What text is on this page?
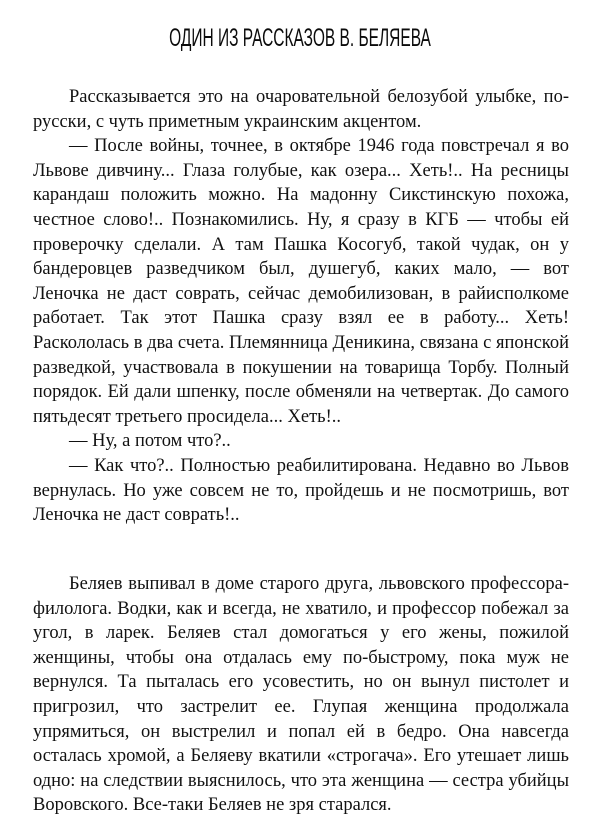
ОДИН ИЗ РАССКАЗОВ В. БЕЛЯЕВА

Рассказывается это на очаровательной белозубой улыбке, по-русски, с чуть приметным украинским акцентом.

— После войны, точнее, в октябре 1946 года повстречал я во Львове дивчину... Глаза голубые, как озера... Хеть!.. На ресницы карандаш положить можно. На мадонну Сикстинскую похожа, честное слово!.. Познакомились. Ну, я сразу в КГБ — чтобы ей проверочку сделали. А там Пашка Косогуб, такой чудак, он у бандеровцев разведчиком был, душегуб, каких мало, — вот Леночка не даст соврать, сейчас демобилизован, в райисполкоме работает. Так этот Пашка сразу взял ее в работу... Хеть! Раскололась в два счета. Племянница Деникина, связана с японской разведкой, участвовала в покушении на товарища Торбу. Полный порядок. Ей дали шпенку, после обменяли на четвертак. До самого пятьдесят третьего просидела... Хеть!..

— Ну, а потом что?..

— Как что?.. Полностью реабилитирована. Недавно во Львов вернулась. Но уже совсем не то, пройдешь и не посмотришь, вот Леночка не даст соврать!..

Беляев выпивал в доме старого друга, львовского профессора-филолога. Водки, как и всегда, не хватило, и профессор побежал за угол, в ларек. Беляев стал домогаться у его жены, пожилой женщины, чтобы она отдалась ему по-быстрому, пока муж не вернулся. Та пыталась его усовестить, но он вынул пистолет и пригрозил, что застрелит ее. Глупая женщина продолжала упрямиться, он выстрелил и попал ей в бедро. Она навсегда осталась хромой, а Беляеву вкатили «строгача». Его утешает лишь одно: на следствии выяснилось, что эта женщина — сестра убийцы Воровского. Все-таки Беляев не зря старался.
